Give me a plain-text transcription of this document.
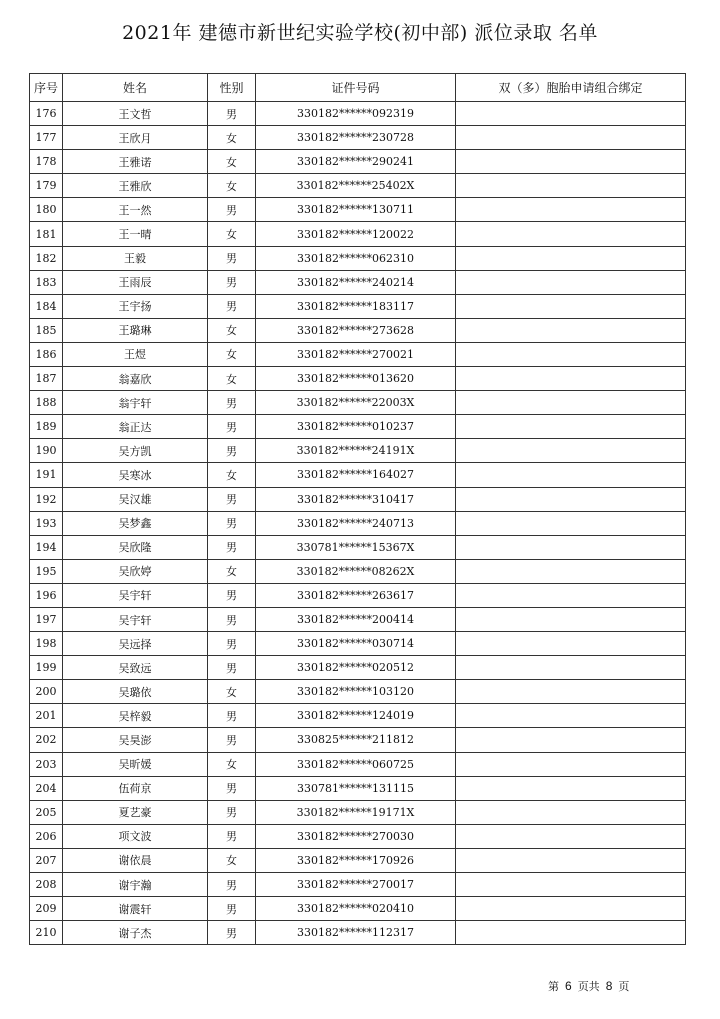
2021年 建德市新世纪实验学校(初中部) 派位录取 名单
序号	姓名	性别	证件号码	双（多）胞胎申请组合绑定
176	王文哲	男	330182******092319	
177	王欣月	女	330182******230728	
178	王雅诺	女	330182******290241	
179	王雅欣	女	330182******25402X	
180	王一然	男	330182******130711	
181	王一晴	女	330182******120022	
182	王毅	男	330182******062310	
183	王雨辰	男	330182******240214	
184	王宇扬	男	330182******183117	
185	王璐琳	女	330182******273628	
186	王煜	女	330182******270021	
187	翁嘉欣	女	330182******013620	
188	翁宇轩	男	330182******22003X	
189	翁正达	男	330182******010237	
190	吴方凯	男	330182******24191X	
191	吴寒冰	女	330182******164027	
192	吴汉雄	男	330182******310417	
193	吴梦鑫	男	330182******240713	
194	吴欣隆	男	330781******15367X	
195	吴欣婷	女	330182******08262X	
196	吴宇轩	男	330182******263617	
197	吴宇轩	男	330182******200414	
198	吴远择	男	330182******030714	
199	吴致远	男	330182******020512	
200	吴璐依	女	330182******103120	
201	吴梓毅	男	330182******124019	
202	吴昊澎	男	330825******211812	
203	吴昕媛	女	330182******060725	
204	伍荷京	男	330781******131115	
205	夏艺豪	男	330182******19171X	
206	项文波	男	330182******270030	
207	谢依晨	女	330182******170926	
208	谢宇瀚	男	330182******270017	
209	谢震轩	男	330182******020410	
210	谢子杰	男	330182******112317	
第 6 页共 8 页
